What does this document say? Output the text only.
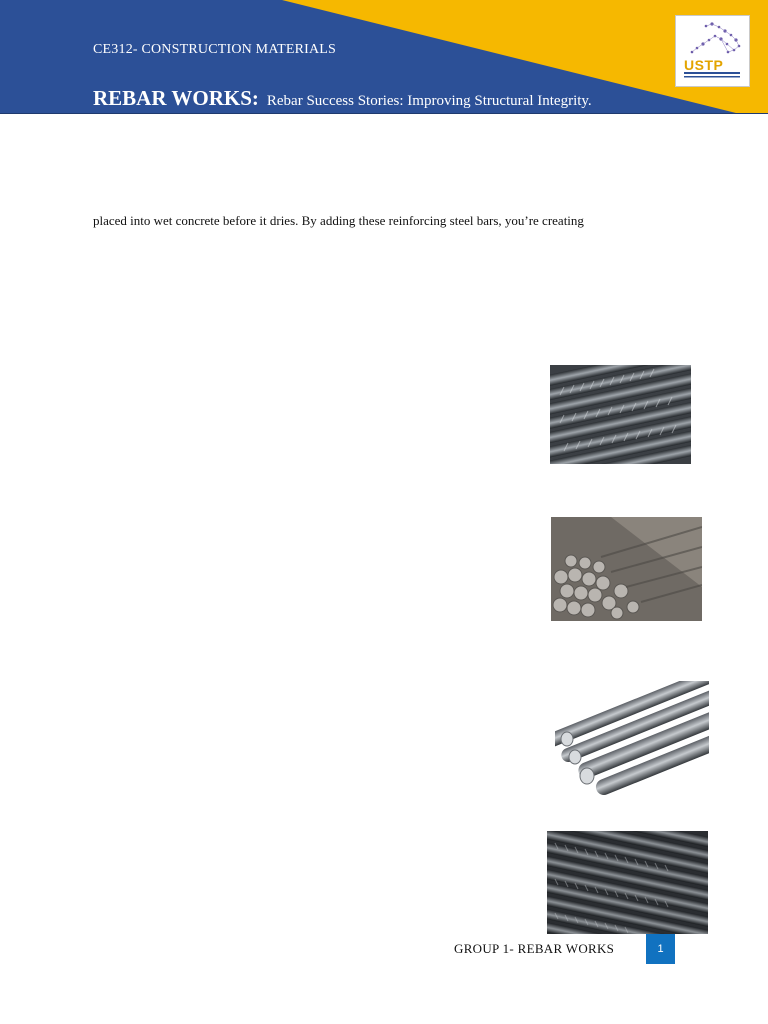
CE312- CONSTRUCTION MATERIALS
REBAR WORKS: Rebar Success Stories: Improving Structural Integrity.
USTP
placed into wet concrete before it dries. By adding these reinforcing steel bars, you’re creating
GROUP 1- REBAR WORKS	1
